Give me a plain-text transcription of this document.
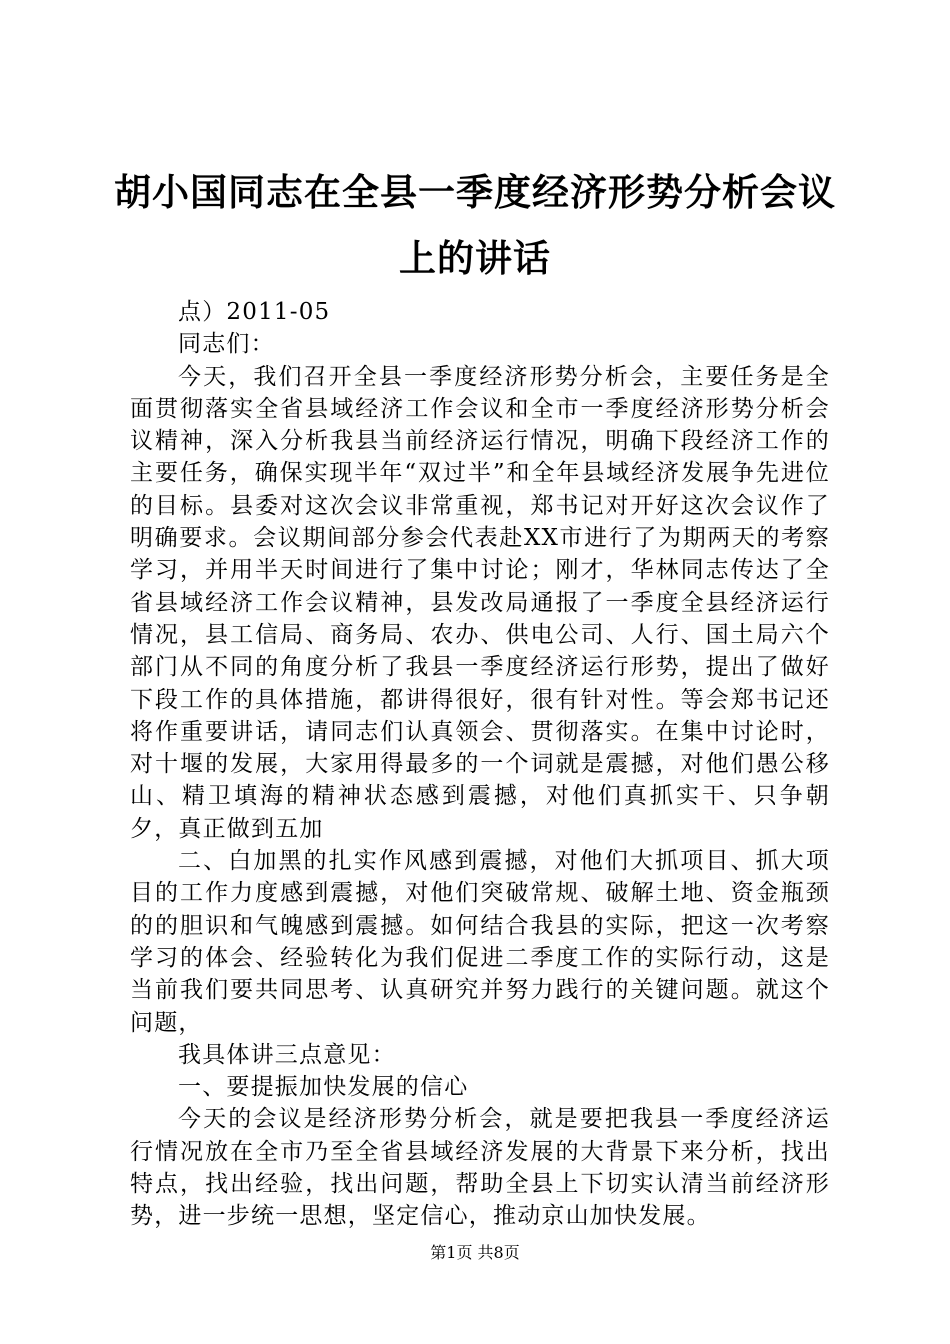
胡小国同志在全县一季度经济形势分析会议上的讲话

点）2011-05

同志们：

今天，我们召开全县一季度经济形势分析会，主要任务是全面贯彻落实全省县域经济工作会议和全市一季度经济形势分析会议精神，深入分析我县当前经济运行情况，明确下段经济工作的主要任务，确保实现半年“双过半”和全年县域经济发展争先进位的目标。县委对这次会议非常重视，郑书记对开好这次会议作了明确要求。会议期间部分参会代表赴XX市进行了为期两天的考察学习，并用半天时间进行了集中讨论；刚才，华林同志传达了全省县域经济工作会议精神，县发改局通报了一季度全县经济运行情况，县工信局、商务局、农办、供电公司、人行、国土局六个部门从不同的角度分析了我县一季度经济运行形势，提出了做好下段工作的具体措施，都讲得很好，很有针对性。等会郑书记还将作重要讲话，请同志们认真领会、贯彻落实。在集中讨论时，对十堰的发展，大家用得最多的一个词就是震撼，对他们愚公移山、精卫填海的精神状态感到震撼，对他们真抓实干、只争朝夕，真正做到五加

二、白加黑的扎实作风感到震撼，对他们大抓项目、抓大项目的工作力度感到震撼，对他们突破常规、破解土地、资金瓶颈的的胆识和气魄感到震撼。如何结合我县的实际，把这一次考察学习的体会、经验转化为我们促进二季度工作的实际行动，这是当前我们要共同思考、认真研究并努力践行的关键问题。就这个问题，

我具体讲三点意见：

一、要提振加快发展的信心

今天的会议是经济形势分析会，就是要把我县一季度经济运行情况放在全市乃至全省县域经济发展的大背景下来分析，找出特点，找出经验，找出问题，帮助全县上下切实认清当前经济形势，进一步统一思想，坚定信心，推动京山加快发展。

第1页 共8页
